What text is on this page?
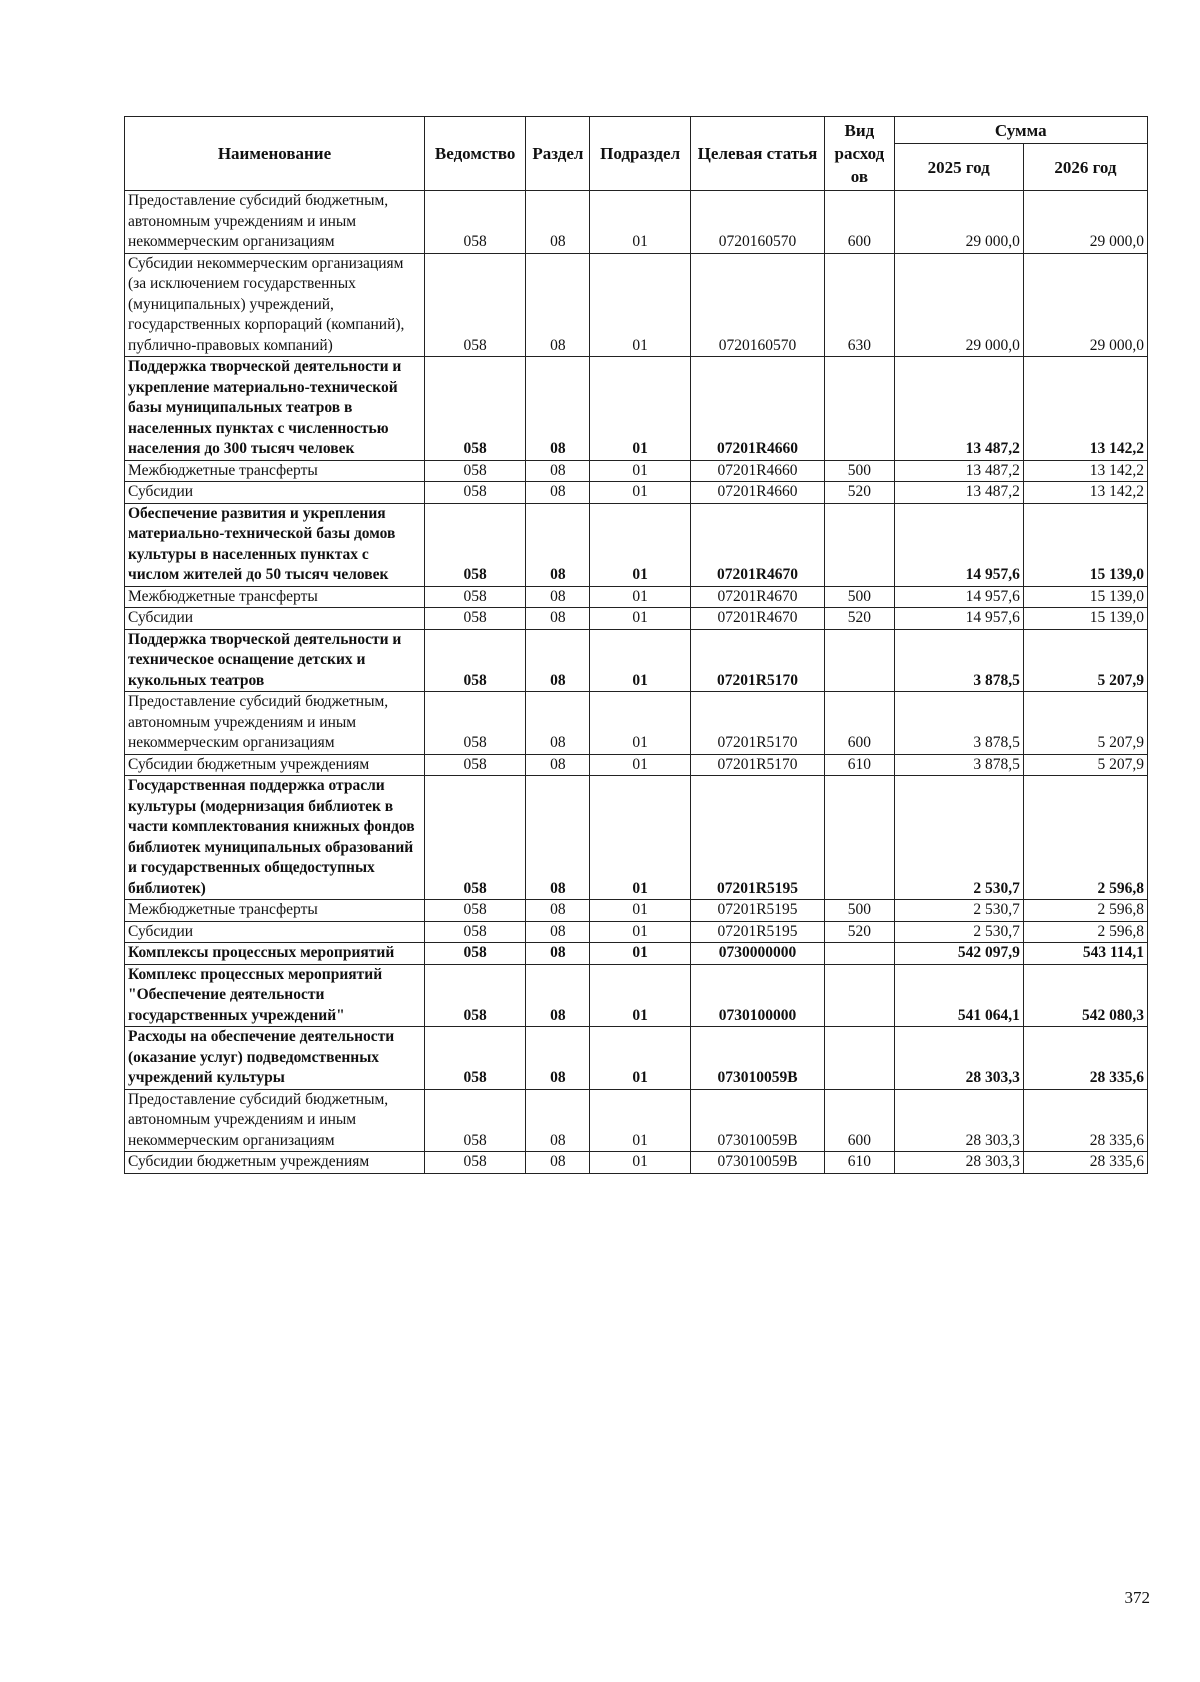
Наименование	Ведомство	Раздел	Подраздел	Целевая статья	Вид расход ов	Сумма	
						2025 год	2026 год
Предоставление субсидий бюджетным, автономным учреждениям и иным некоммерческим организациям	058	08	01	0720160570	600	29 000,0	29 000,0
Субсидии некоммерческим организациям (за исключением государственных (муниципальных) учреждений, государственных корпораций (компаний), публично-правовых компаний)	058	08	01	0720160570	630	29 000,0	29 000,0
Поддержка творческой деятельности и укрепление материально-технической базы муниципальных театров в населенных пунктах с численностью населения до 300 тысяч человек	058	08	01	07201R4660		13 487,2	13 142,2
Межбюджетные трансферты	058	08	01	07201R4660	500	13 487,2	13 142,2
Субсидии	058	08	01	07201R4660	520	13 487,2	13 142,2
Обеспечение развития и укрепления материально-технической базы домов культуры в населенных пунктах с числом жителей до 50 тысяч человек	058	08	01	07201R4670		14 957,6	15 139,0
Межбюджетные трансферты	058	08	01	07201R4670	500	14 957,6	15 139,0
Субсидии	058	08	01	07201R4670	520	14 957,6	15 139,0
Поддержка творческой деятельности и техническое оснащение детских и кукольных театров	058	08	01	07201R5170		3 878,5	5 207,9
Предоставление субсидий бюджетным, автономным учреждениям и иным некоммерческим организациям	058	08	01	07201R5170	600	3 878,5	5 207,9
Субсидии бюджетным учреждениям	058	08	01	07201R5170	610	3 878,5	5 207,9
Государственная поддержка отрасли культуры (модернизация библиотек в части комплектования книжных фондов библиотек муниципальных образований и государственных общедоступных библиотек)	058	08	01	07201R5195		2 530,7	2 596,8
Межбюджетные трансферты	058	08	01	07201R5195	500	2 530,7	2 596,8
Субсидии	058	08	01	07201R5195	520	2 530,7	2 596,8
Комплексы процессных мероприятий	058	08	01	0730000000		542 097,9	543 114,1
Комплекс процессных мероприятий "Обеспечение деятельности государственных учреждений"	058	08	01	0730100000		541 064,1	542 080,3
Расходы на обеспечение деятельности (оказание услуг) подведомственных учреждений культуры	058	08	01	073010059В		28 303,3	28 335,6
Предоставление субсидий бюджетным, автономным учреждениям и иным некоммерческим организациям	058	08	01	073010059В	600	28 303,3	28 335,6
Субсидии бюджетным учреждениям	058	08	01	073010059В	610	28 303,3	28 335,6
372
